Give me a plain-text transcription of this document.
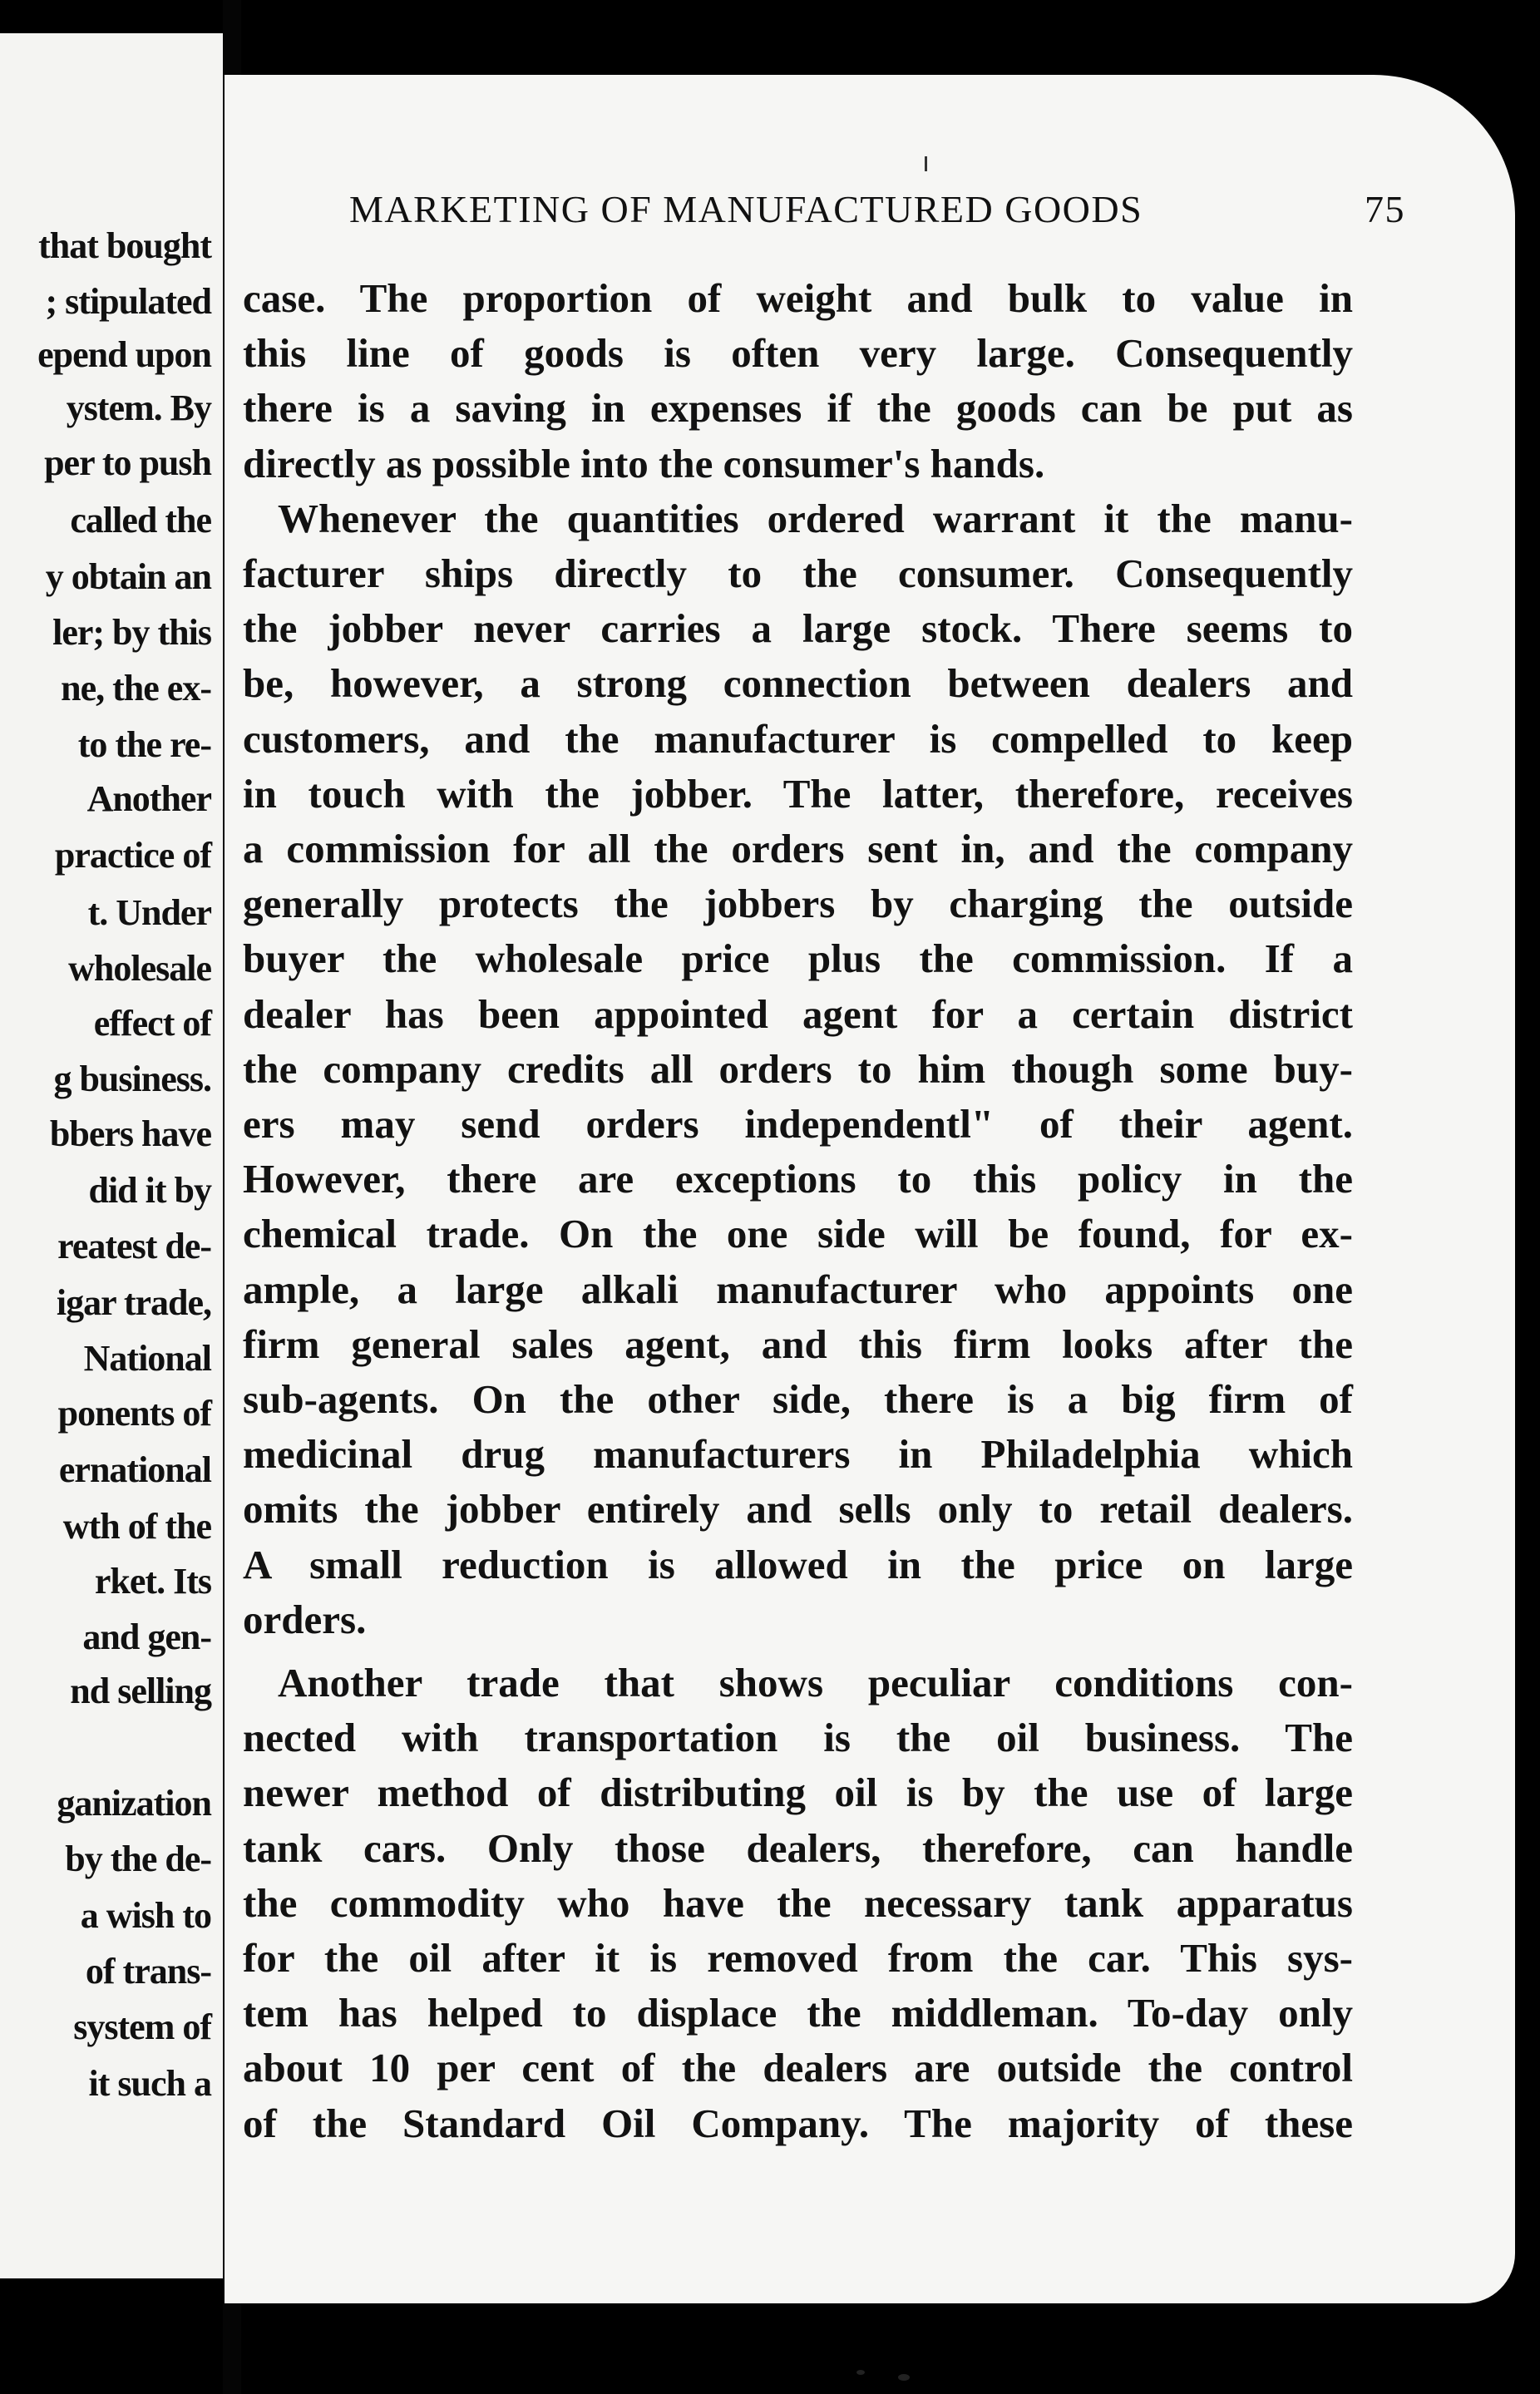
that bought
; stipulated
epend upon
ystem. By
per to push
called the
y obtain an
ler; by this
ne, the ex-
to the re-
Another
practice of
t. Under
wholesale
effect of
g business.
bbers have
did it by
reatest de-
igar trade,
National
ponents of
ernational
wth of the
rket. Its
and gen-
nd selling
ganization
by the de-
a wish to
of trans-
system of
it such a
MARKETING OF MANUFACTURED GOODS	75
case. The proportion of weight and bulk to value in
this line of goods is often very large. Consequently
there is a saving in expenses if the goods can be put as
directly as possible into the consumer's hands.
Whenever the quantities ordered warrant it the manu-
facturer ships directly to the consumer. Consequently
the jobber never carries a large stock. There seems to
be, however, a strong connection between dealers and
customers, and the manufacturer is compelled to keep
in touch with the jobber. The latter, therefore, receives
a commission for all the orders sent in, and the company
generally protects the jobbers by charging the outside
buyer the wholesale price plus the commission. If a
dealer has been appointed agent for a certain district
the company credits all orders to him though some buy-
ers may send orders independentl" of their agent.
However, there are exceptions to this policy in the
chemical trade. On the one side will be found, for ex-
ample, a large alkali manufacturer who appoints one
firm general sales agent, and this firm looks after the
sub-agents. On the other side, there is a big firm of
medicinal drug manufacturers in Philadelphia which
omits the jobber entirely and sells only to retail dealers.
A small reduction is allowed in the price on large
orders.
Another trade that shows peculiar conditions con-
nected with transportation is the oil business. The
newer method of distributing oil is by the use of large
tank cars. Only those dealers, therefore, can handle
the commodity who have the necessary tank apparatus
for the oil after it is removed from the car. This sys-
tem has helped to displace the middleman. To-day only
about 10 per cent of the dealers are outside the control
of the Standard Oil Company. The majority of these
